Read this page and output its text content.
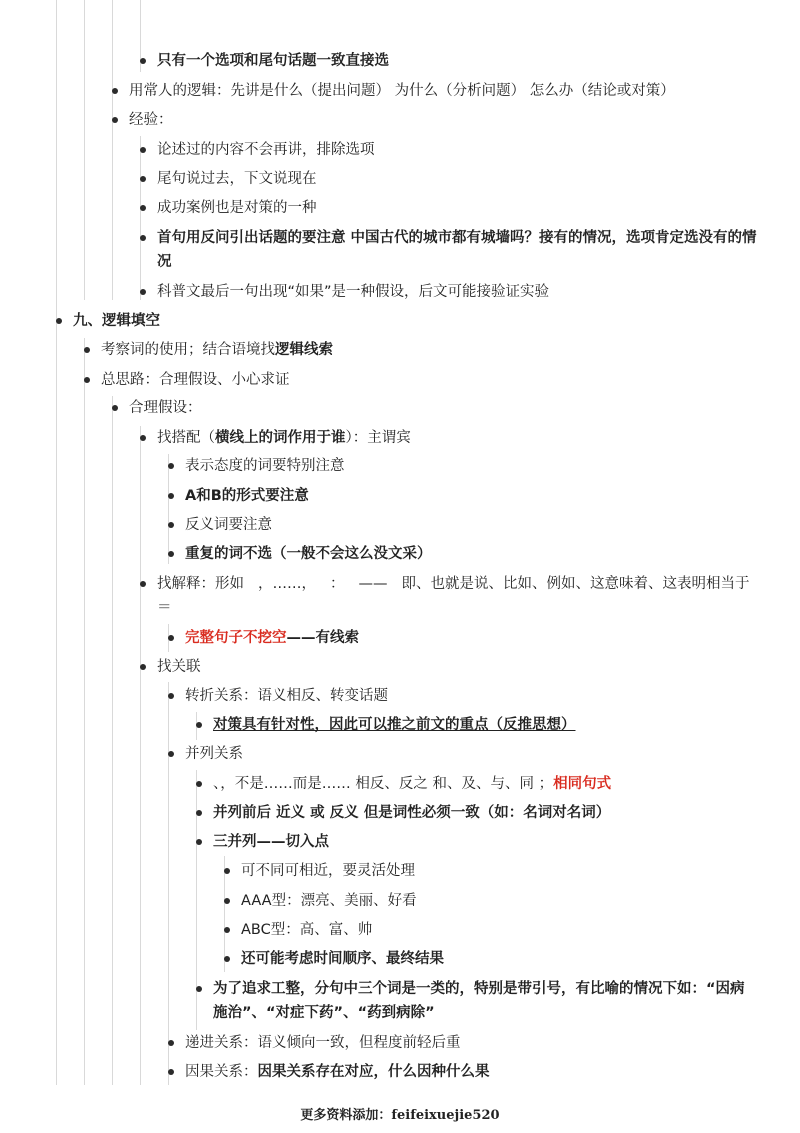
只有一个选项和尾句话题一致直接选
用常人的逻辑：先讲是什么（提出问题） 为什么（分析问题） 怎么办（结论或对策）
经验：
论述过的内容不会再讲，排除选项
尾句说过去，下文说现在
成功案例也是对策的一种
首句用反问引出话题的要注意 中国古代的城市都有城墙吗？接有的情况，选项肯定选没有的情况
科普文最后一句出现“如果”是一种假设，后文可能接验证实验
九、逻辑填空
考察词的使用；结合语境找逻辑线索
总思路：合理假设、小心求证
合理假设：
找搭配（横线上的词作用于谁）：主谓宾
表示态度的词要特别注意
A和B的形式要注意
反义词要注意
重复的词不选（一般不会这么没文采）
找解释：形如 ，……， ： —— 即、也就是说、比如、例如、这意味着、这表明相当于＝
完整句子不挖空——有线索
找关联
转折关系：语义相反、转变话题
对策具有针对性，因此可以推之前文的重点（反推思想）
并列关系
、，不是……而是…… 相反、反之 和、及、与、同 ；相同句式
并列前后 近义 或 反义 但是词性必须一致（如：名词对名词）
三并列——切入点
可不同可相近，要灵活处理
AAA型：漂亮、美丽、好看
ABC型：高、富、帅
还可能考虑时间顺序、最终结果
为了追求工整，分句中三个词是一类的，特别是带引号，有比喻的情况下如：“因病施治”、“对症下药”、“药到病除”
递进关系：语义倾向一致，但程度前轻后重
因果关系：因果关系存在对应，什么因种什么果
更多资料添加：feifeixuejie520
